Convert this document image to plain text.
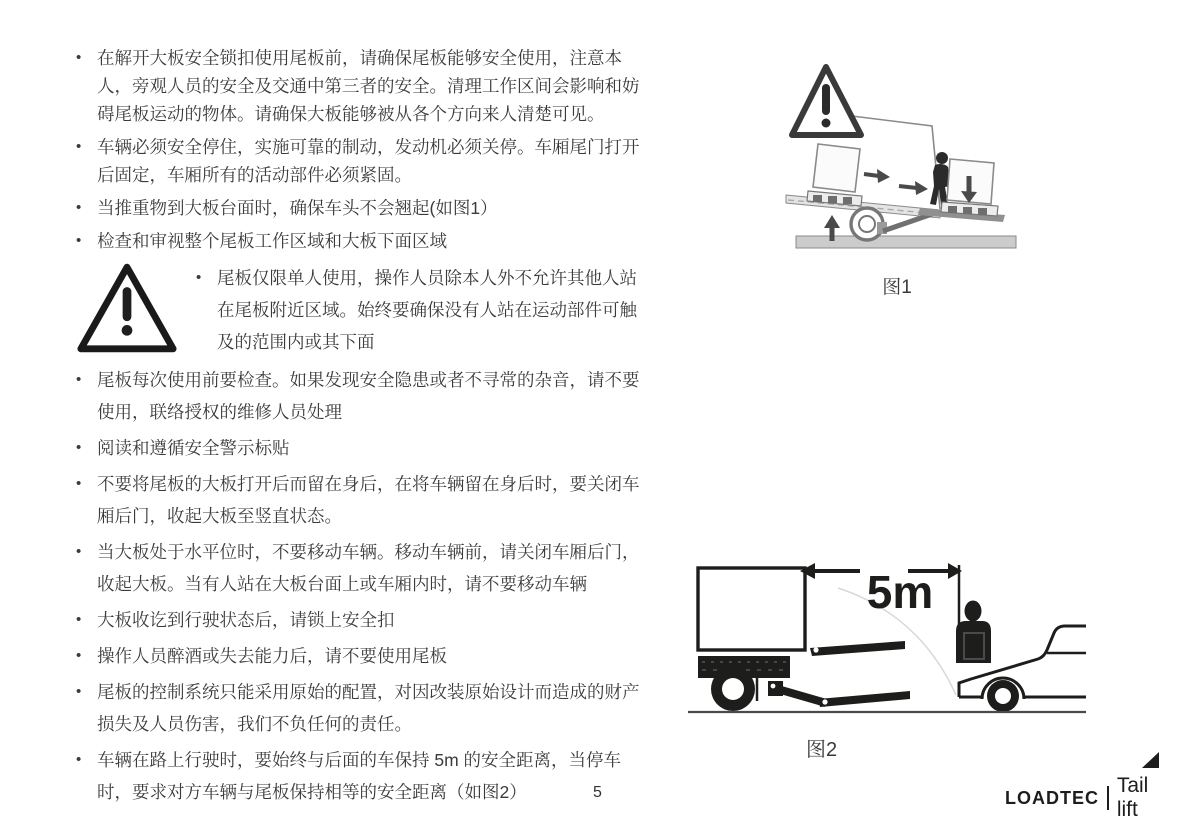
• 在解开大板安全锁扣使用尾板前，请确保尾板能够安全使用，注意本人，旁观人员的安全及交通中第三者的安全。清理工作区间会影响和妨碍尾板运动的物体。请确保大板能够被从各个方向来人清楚可见。
• 车辆必须安全停住，实施可靠的制动，发动机必须关停。车厢尾门打开后固定，车厢所有的活动部件必须紧固。
• 当推重物到大板台面时，确保车头不会翘起(如图1）
• 检查和审视整个尾板工作区域和大板下面区域
• 尾板仅限单人使用，操作人员除本人外不允许其他人站在尾板附近区域。始终要确保没有人站在运动部件可触及的范围内或其下面
• 尾板每次使用前要检查。如果发现安全隐患或者不寻常的杂音，请不要使用，联络授权的维修人员处理
• 阅读和遵循安全警示标贴
• 不要将尾板的大板打开后而留在身后，在将车辆留在身后时，要关闭车厢后门，收起大板至竖直状态。
• 当大板处于水平位时，不要移动车辆。移动车辆前，请关闭车厢后门，收起大板。当有人站在大板台面上或车厢内时，请不要移动车辆
• 大板收讫到行驶状态后，请锁上安全扣
• 操作人员醉酒或失去能力后，请不要使用尾板
• 尾板的控制系统只能采用原始的配置，对因改装原始设计而造成的财产损失及人员伤害，我们不负任何的责任。
• 车辆在路上行驶时，要始终与后面的车保持 5m 的安全距离，当停车时，要求对方车辆与尾板保持相等的安全距离（如图2）
图1
5m
图2
5	LOADTEC
Tail lift
